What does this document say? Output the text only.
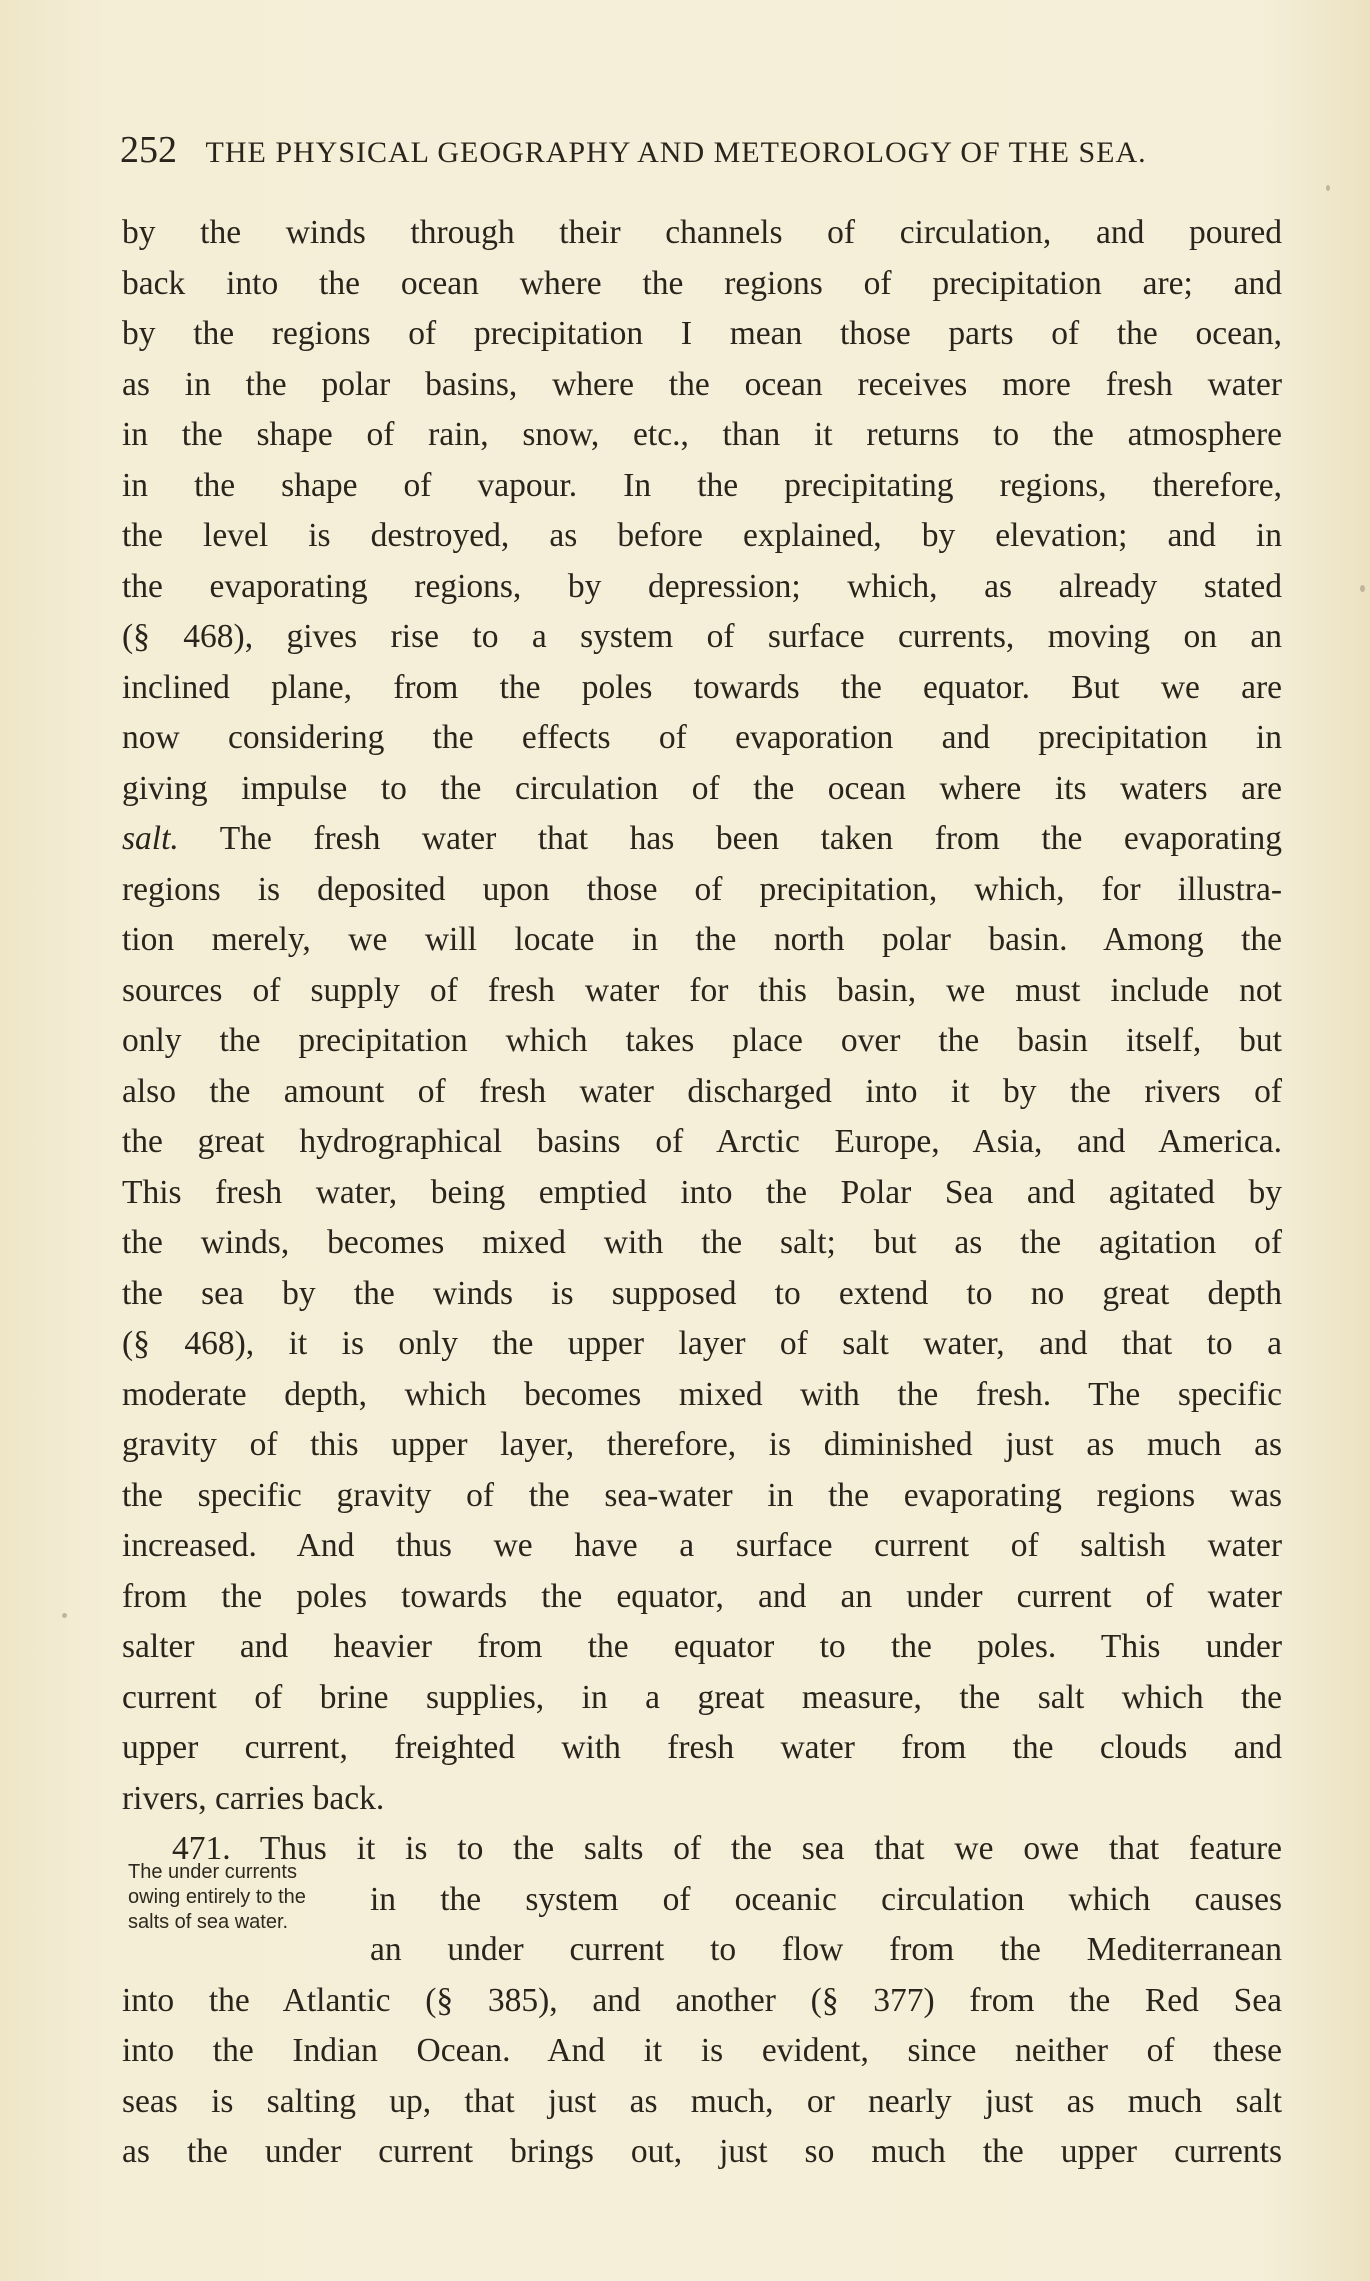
252 THE PHYSICAL GEOGRAPHY AND METEOROLOGY OF THE SEA.
by the winds through their channels of circulation, and poured
back into the ocean where the regions of precipitation are; and
by the regions of precipitation I mean those parts of the ocean,
as in the polar basins, where the ocean receives more fresh water
in the shape of rain, snow, etc., than it returns to the atmosphere
in the shape of vapour. In the precipitating regions, therefore,
the level is destroyed, as before explained, by elevation; and in
the evaporating regions, by depression; which, as already stated
(§ 468), gives rise to a system of surface currents, moving on an
inclined plane, from the poles towards the equator. But we are
now considering the effects of evaporation and precipitation in
giving impulse to the circulation of the ocean where its waters are
salt. The fresh water that has been taken from the evaporating
regions is deposited upon those of precipitation, which, for illustra-
tion merely, we will locate in the north polar basin. Among the
sources of supply of fresh water for this basin, we must include not
only the precipitation which takes place over the basin itself, but
also the amount of fresh water discharged into it by the rivers of
the great hydrographical basins of Arctic Europe, Asia, and America.
This fresh water, being emptied into the Polar Sea and agitated by
the winds, becomes mixed with the salt; but as the agitation of
the sea by the winds is supposed to extend to no great depth
(§ 468), it is only the upper layer of salt water, and that to a
moderate depth, which becomes mixed with the fresh. The specific
gravity of this upper layer, therefore, is diminished just as much as
the specific gravity of the sea-water in the evaporating regions was
increased. And thus we have a surface current of saltish water
from the poles towards the equator, and an under current of water
salter and heavier from the equator to the poles. This under
current of brine supplies, in a great measure, the salt which the
upper current, freighted with fresh water from the clouds and
rivers, carries back.
471. Thus it is to the salts of the sea that we owe that feature
in the system of oceanic circulation which causes
an under current to flow from the Mediterranean
into the Atlantic (§ 385), and another (§ 377) from the Red Sea
into the Indian Ocean. And it is evident, since neither of these
seas is salting up, that just as much, or nearly just as much salt
as the under current brings out, just so much the upper currents
The under currents
owing entirely to the
salts of sea water.
